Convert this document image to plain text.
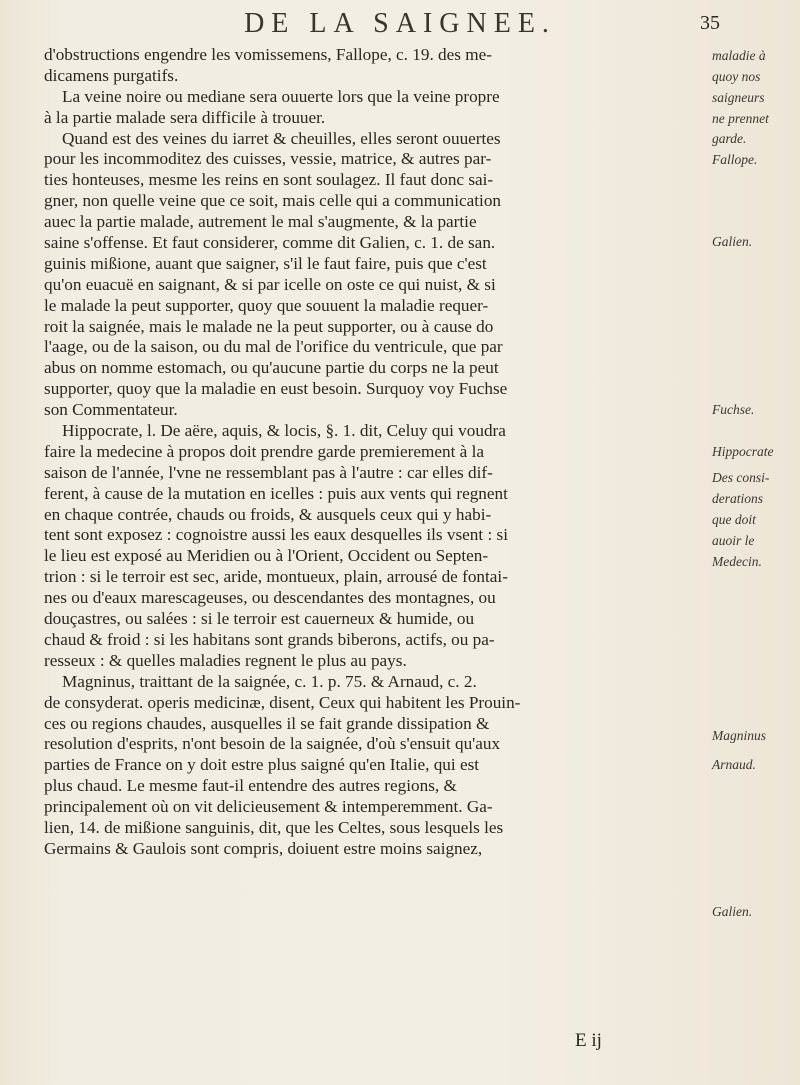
DE LA SAIGNEE.	35
d'obstructions engendre les vomissemens, Fallope, c. 19. des me-
dicamens purgatifs.
La veine noire ou mediane sera ouuerte lors que la veine propre
à la partie malade sera difficile à trouuer.
Quand est des veines du iarret & cheuilles, elles seront ouuertes
pour les incommoditez des cuisses, vessie, matrice, & autres par-
ties honteuses, mesme les reins en sont soulagez. Il faut donc sai-
gner, non quelle veine que ce soit, mais celle qui a communication
auec la partie malade, autrement le mal s'augmente, & la partie
saine s'offense. Et faut considerer, comme dit Galien, c. 1. de san.
guinis mißione, auant que saigner, s'il le faut faire, puis que c'est
qu'on euacuë en saignant, & si par icelle on oste ce qui nuist, & si
le malade la peut supporter, quoy que souuent la maladie requer-
roit la saignée, mais le malade ne la peut supporter, ou à cause do
l'aage, ou de la saison, ou du mal de l'orifice du ventricule, que par
abus on nomme estomach, ou qu'aucune partie du corps ne la peut
supporter, quoy que la maladie en eust besoin. Surquoy voy Fuchse
son Commentateur.
Hippocrate, l. De aëre, aquis, & locis, §. 1. dit, Celuy qui voudra
faire la medecine à propos doit prendre garde premierement à la
saison de l'année, l'vne ne ressemblant pas à l'autre : car elles dif-
ferent, à cause de la mutation en icelles : puis aux vents qui regnent
en chaque contrée, chauds ou froids, & ausquels ceux qui y habi-
tent sont exposez : cognoistre aussi les eaux desquelles ils vsent : si
le lieu est exposé au Meridien ou à l'Orient, Occident ou Septen-
trion : si le terroir est sec, aride, montueux, plain, arrousé de fontai-
nes ou d'eaux marescageuses, ou descendantes des montagnes, ou
douçastres, ou salées : si le terroir est cauerneux & humide, ou
chaud & froid : si les habitans sont grands biberons, actifs, ou pa-
resseux : & quelles maladies regnent le plus au pays.
Magninus, traittant de la saignée, c. 1. p. 75. & Arnaud, c. 2.
de consyderat. operis medicinæ, disent, Ceux qui habitent les Prouin-
ces ou regions chaudes, ausquelles il se fait grande dissipation &
resolution d'esprits, n'ont besoin de la saignée, d'où s'ensuit qu'aux
parties de France on y doit estre plus saigné qu'en Italie, qui est
plus chaud. Le mesme faut-il entendre des autres regions, &
principalement où on vit delicieusement & intemperemment. Ga-
lien, 14. de mißione sanguinis, dit, que les Celtes, sous lesquels les
Germains & Gaulois sont compris, doiuent estre moins saignez,
maladie à
quoy nos
saigneurs
ne prennet
garde.
Fallope.
Galien.
Fuchse.
Hippocrate
Des consi-
derations
que doit
auoir le
Medecin.
Magninus
Arnaud.
Galien.
E ij
